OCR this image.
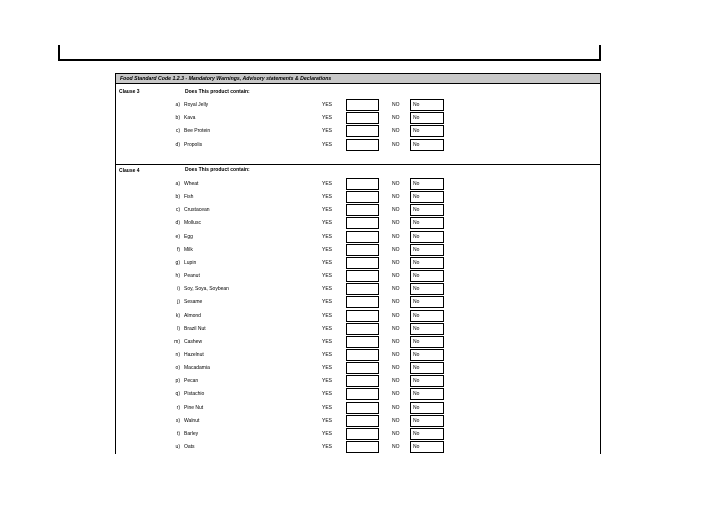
Food Standard Code 1.2.3 - Mandatory Warnings, Advisory statements & Declarations
Clause 3	Does This product contain:
a) Royal Jelly	YES	NO	No
b) Kava	YES	NO	No
c) Bee Protein	YES	NO	No
d) Propolis	YES	NO	No
Clause 4	Does This product contain:
a) Wheat	YES	NO	No
b) Fish	YES	NO	No
c) Crustacean	YES	NO	No
d) Mollusc	YES	NO	No
e) Egg	YES	NO	No
f) Milk	YES	NO	No
g) Lupin	YES	NO	No
h) Peanut	YES	NO	No
i) Soy, Soya, Soybean	YES	NO	No
j) Sesame	YES	NO	No
k) Almond	YES	NO	No
l) Brazil Nut	YES	NO	No
m) Cashew	YES	NO	No
n) Hazelnut	YES	NO	No
o) Macadamia	YES	NO	No
p) Pecan	YES	NO	No
q) Pistachio	YES	NO	No
r) Pine Nut	YES	NO	No
s) Walnut	YES	NO	No
t) Barley	YES	NO	No
u) Oats	YES	NO	No
